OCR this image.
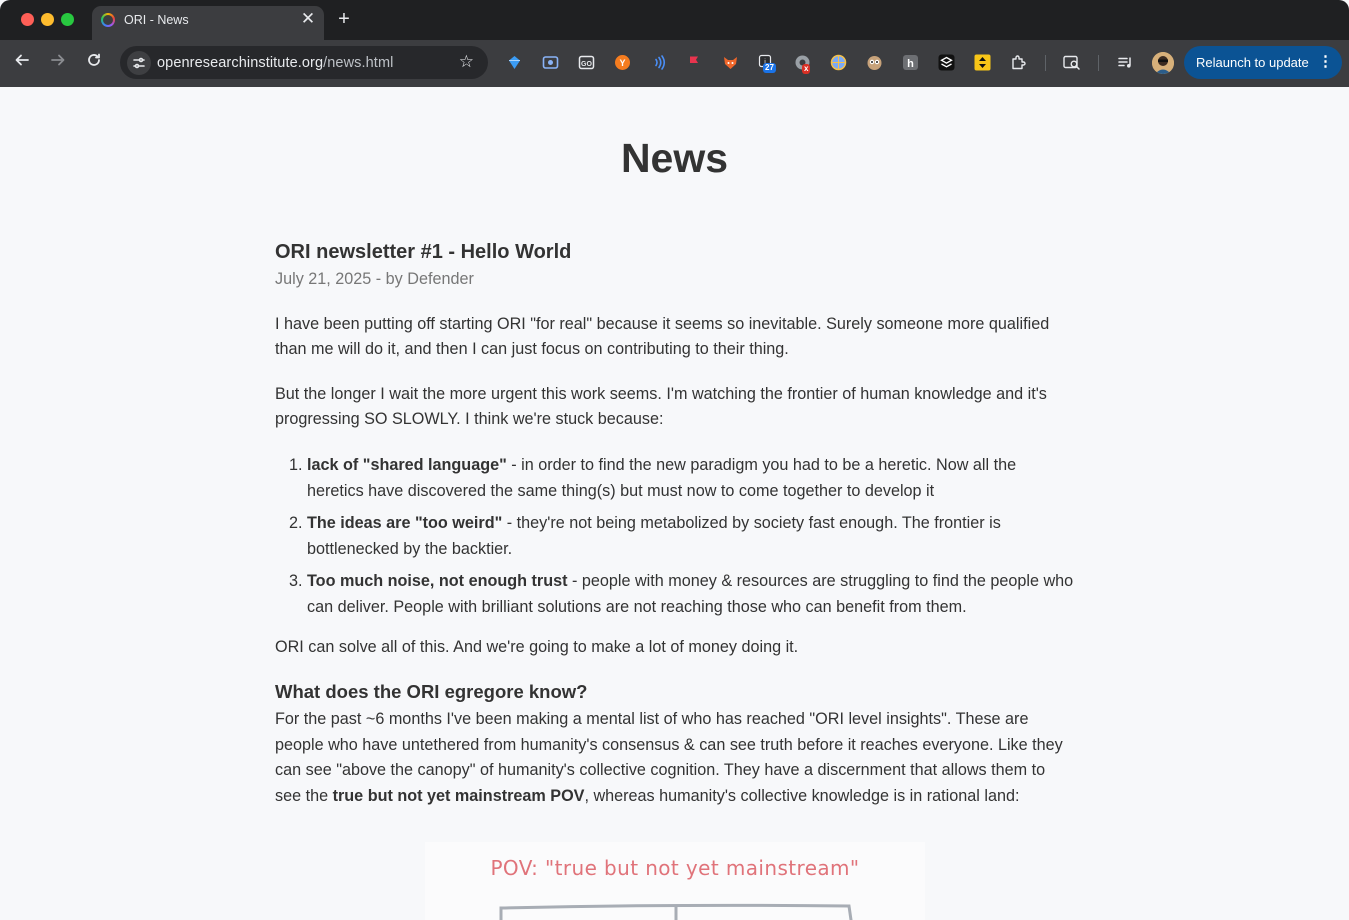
ORI - News	✕ +
openresearchinstitute.org/news.html	☆	GO	Y	27	x	h	Relaunch to update ⋮
News
ORI newsletter #1 - Hello World
July 21, 2025 - by Defender

I have been putting off starting ORI "for real" because it seems so inevitable. Surely someone more qualified than me will do it, and then I can just focus on contributing to their thing.

But the longer I wait the more urgent this work seems. I'm watching the frontier of human knowledge and it's progressing SO SLOWLY. I think we're stuck because:

1. lack of "shared language" - in order to find the new paradigm you had to be a heretic. Now all the heretics have discovered the same thing(s) but must now to come together to develop it
2. The ideas are "too weird" - they're not being metabolized by society fast enough. The frontier is bottlenecked by the backtier.
3. Too much noise, not enough trust - people with money & resources are struggling to find the people who can deliver. People with brilliant solutions are not reaching those who can benefit from them.

ORI can solve all of this. And we're going to make a lot of money doing it.

What does the ORI egregore know?

For the past ~6 months I've been making a mental list of who has reached "ORI level insights". These are people who have untethered from humanity's consensus & can see truth before it reaches everyone. Like they can see "above the canopy" of humanity's collective cognition. They have a discernment that allows them to see the true but not yet mainstream POV, whereas humanity's collective knowledge is in rational land:

POV: "true but not yet mainstream"
